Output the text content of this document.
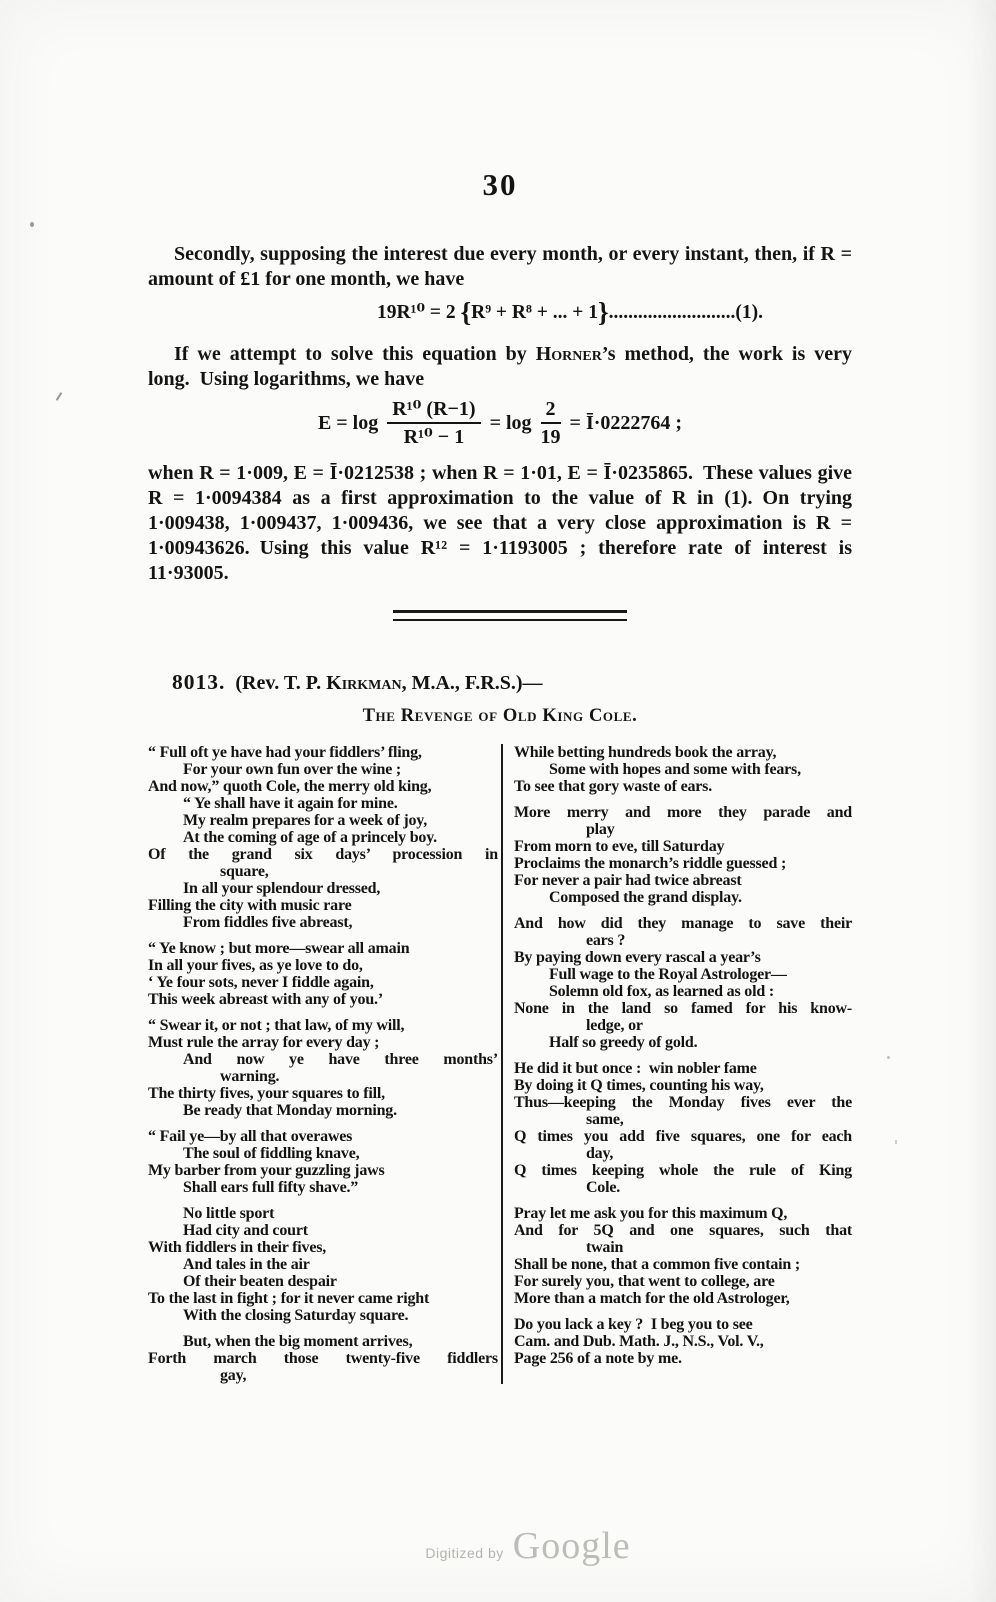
30
Secondly, supposing the interest due every month, or every instant, then, if R = amount of £1 for one month, we have
19R¹⁰ = 2 {R⁹ + R⁸ + ... + 1}..........................(1).
If we attempt to solve this equation by Horner’s method, the work is very long. Using logarithms, we have
$E = \log \frac{\text{R¹⁰ (R−1)}}{\text{R¹⁰ − 1}} = \log \frac{2}{19}$ = Ī·0222764 ;
when R = 1·009, E = Ī·0212538 ; when R = 1·01, E = Ī·0235865. These values give R = 1·0094384 as a first approximation to the value of R in (1). On trying 1·009438, 1·009437, 1·009436, we see that a very close approximation is R = 1·00943626. Using this value R¹² = 1·1193005 ; therefore rate of interest is 11·93005.
8013. (Rev. T. P. Kirkman, M.A., F.R.S.)—
The Revenge of Old King Cole.
“ Full oft ye have had your fiddlers’ fling,
For your own fun over the wine ;
And now,” quoth Cole, the merry old king,
“ Ye shall have it again for mine.
My realm prepares for a week of joy,
At the coming of age of a princely boy.
Of the grand six days’ procession in
square,
In all your splendour dressed,
Filling the city with music rare
From fiddles five abreast,
“ Ye know ; but more—swear all amain
In all your fives, as ye love to do,
‘ Ye four sots, never I fiddle again,
This week abreast with any of you.’
“ Swear it, or not ; that law, of my will,
Must rule the array for every day ;
And now ye have three months’
warning.
The thirty fives, your squares to fill,
Be ready that Monday morning.
“ Fail ye—by all that overawes
The soul of fiddling knave,
My barber from your guzzling jaws
Shall ears full fifty shave.”
No little sport
Had city and court
With fiddlers in their fives,
And tales in the air
Of their beaten despair
To the last in fight ; for it never came right
With the closing Saturday square.
But, when the big moment arrives,
Forth march those twenty-five fiddlers
gay,
While betting hundreds book the array,
Some with hopes and some with fears,
To see that gory waste of ears.
More merry and more they parade and
play
From morn to eve, till Saturday
Proclaims the monarch’s riddle guessed ;
For never a pair had twice abreast
Composed the grand display.
And how did they manage to save their
ears ?
By paying down every rascal a year’s
Full wage to the Royal Astrologer—
Solemn old fox, as learned as old :
None in the land so famed for his know-
ledge, or
Half so greedy of gold.
He did it but once : win nobler fame
By doing it Q times, counting his way,
Thus—keeping the Monday fives ever the
same,
Q times you add five squares, one for each
day,
Q times keeping whole the rule of King
Cole.
Pray let me ask you for this maximum Q,
And for 5Q and one squares, such that
twain
Shall be none, that a common five contain ;
For surely you, that went to college, are
More than a match for the old Astrologer,
Do you lack a key ? I beg you to see
Cam. and Dub. Math. J., N.S., Vol. V.,
Page 256 of a note by me.
Digitized by Google
